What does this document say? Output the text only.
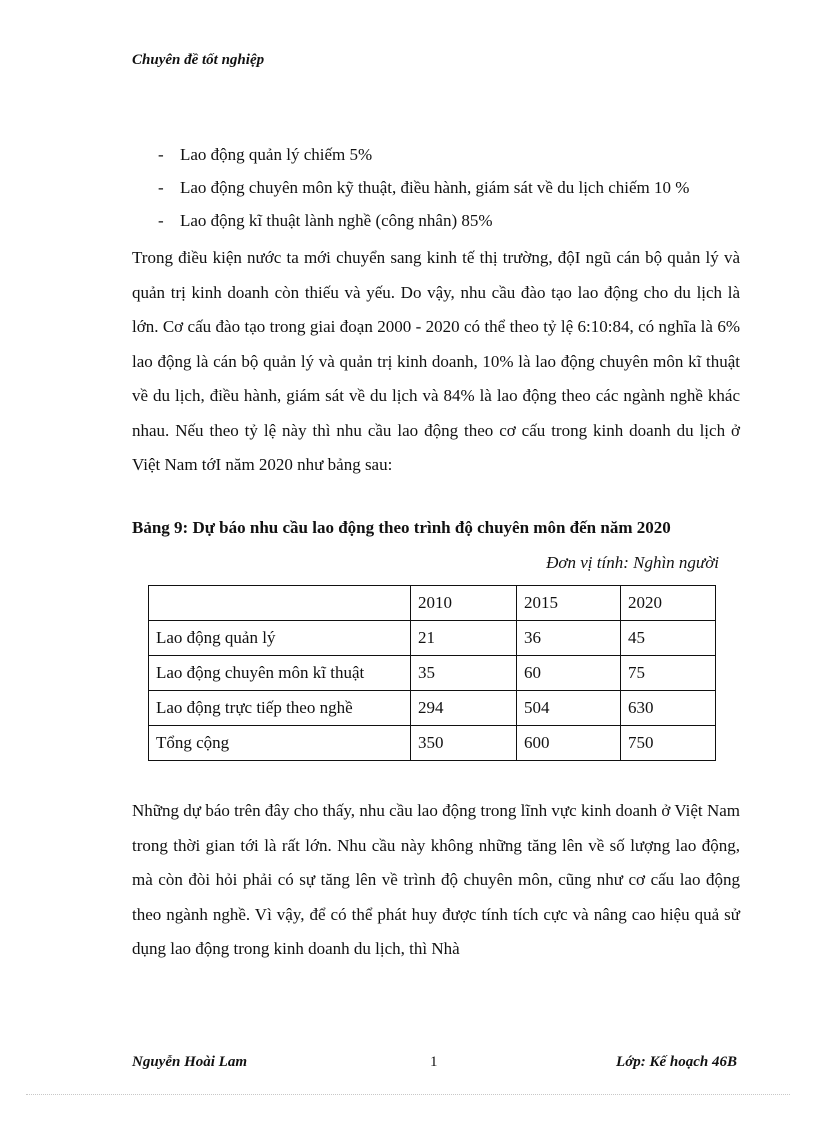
Chuyên đề tốt nghiệp
- Lao động quản lý chiếm 5%
- Lao động chuyên môn kỹ thuật, điều hành, giám sát về du lịch chiếm 10 %
- Lao động kĩ thuật lành nghề (công nhân) 85%

Trong điều kiện nước ta mới chuyển sang kinh tế thị trường, độI ngũ cán bộ quản lý và quản trị kinh doanh còn thiếu và yếu. Do vậy, nhu cầu đào tạo lao động cho du lịch là lớn. Cơ cấu đào tạo trong giai đoạn 2000 - 2020 có thể theo tỷ lệ 6:10:84, có nghĩa là 6% lao động là cán bộ quản lý và quản trị kinh doanh, 10% là lao động chuyên môn kĩ thuật về du lịch, điều hành, giám sát về du lịch và 84% là lao động theo các ngành nghề khác nhau. Nếu theo tỷ lệ này thì nhu cầu lao động theo cơ cấu trong kinh doanh du lịch ở Việt Nam tớI năm 2020 như bảng sau:

Bảng 9: Dự báo nhu cầu lao động theo trình độ chuyên môn đến năm 2020
Đơn vị tính: Nghìn người
	2010	2015	2020
Lao động quản lý	21	36	45
Lao động chuyên môn kĩ thuật	35	60	75
Lao động trực tiếp theo nghề	294	504	630
Tổng cộng	350	600	750

Những dự báo trên đây cho thấy, nhu cầu lao động trong lĩnh vực kinh doanh ở Việt Nam trong thời gian tới là rất lớn. Nhu cầu này không những tăng lên về số lượng lao động, mà còn đòi hỏi phải có sự tăng lên về trình độ chuyên môn, cũng như cơ cấu lao động theo ngành nghề. Vì vậy, để có thể phát huy được tính tích cực và nâng cao hiệu quả sử dụng lao động trong kinh doanh du lịch, thì Nhà

Nguyễn Hoài Lam	1	Lớp: Kế hoạch 46B
